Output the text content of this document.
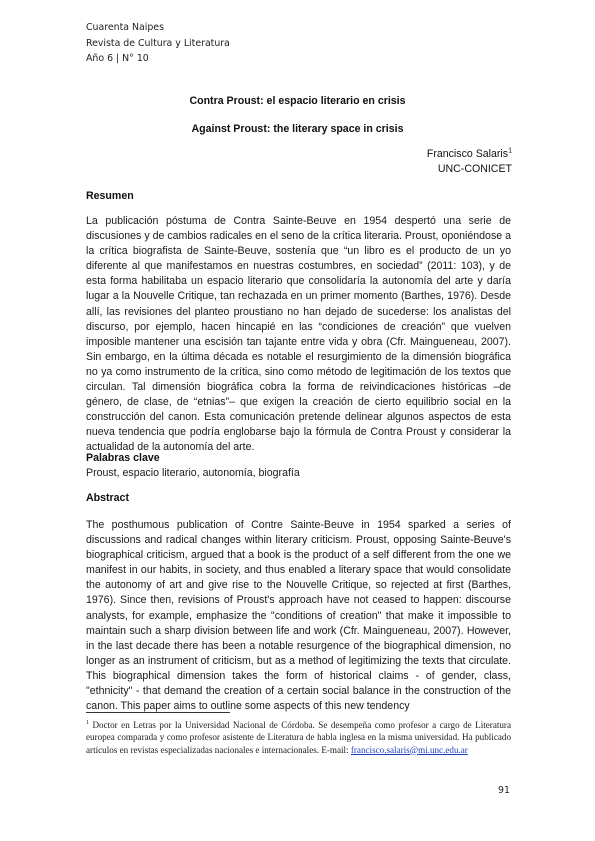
Cuarenta Naipes
Revista de Cultura y Literatura
Año 6 | N° 10
Contra Proust: el espacio literario en crisis
Against Proust: the literary space in crisis
Francisco Salaris$^1$
UNC-CONICET
Resumen
La publicación póstuma de Contra Sainte-Beuve en 1954 despertó una serie de discusiones y de cambios radicales en el seno de la crítica literaria. Proust, oponiéndose a la crítica biografista de Sainte-Beuve, sostenía que “un libro es el producto de un yo diferente al que manifestamos en nuestras costumbres, en sociedad” (2011: 103), y de esta forma habilitaba un espacio literario que consolidaría la autonomía del arte y daría lugar a la Nouvelle Critique, tan rechazada en un primer momento (Barthes, 1976). Desde allí, las revisiones del planteo proustiano no han dejado de sucederse: los analistas del discurso, por ejemplo, hacen hincapié en las “condiciones de creación” que vuelven imposible mantener una escisión tan tajante entre vida y obra (Cfr. Maingueneau, 2007). Sin embargo, en la última década es notable el resurgimiento de la dimensión biográfica no ya como instrumento de la crítica, sino como método de legitimación de los textos que circulan. Tal dimensión biográfica cobra la forma de reivindicaciones históricas –de género, de clase, de “etnias”– que exigen la creación de cierto equilibrio social en la construcción del canon. Esta comunicación pretende delinear algunos aspectos de esta nueva tendencia que podría englobarse bajo la fórmula de Contra Proust y considerar la actualidad de la autonomía del arte.
Palabras clave
Proust, espacio literario, autonomía, biografía
Abstract
The posthumous publication of Contre Sainte-Beuve in 1954 sparked a series of discussions and radical changes within literary criticism. Proust, opposing Sainte-Beuve's biographical criticism, argued that a book is the product of a self different from the one we manifest in our habits, in society, and thus enabled a literary space that would consolidate the autonomy of art and give rise to the Nouvelle Critique, so rejected at first (Barthes, 1976). Since then, revisions of Proust's approach have not ceased to happen: discourse analysts, for example, emphasize the "conditions of creation" that make it impossible to maintain such a sharp division between life and work (Cfr. Maingueneau, 2007). However, in the last decade there has been a notable resurgence of the biographical dimension, no longer as an instrument of criticism, but as a method of legitimizing the texts that circulate. This biographical dimension takes the form of historical claims - of gender, class, "ethnicity" - that demand the creation of a certain social balance in the construction of the canon. This paper aims to outline some aspects of this new tendency
$^1$ Doctor en Letras por la Universidad Nacional de Córdoba. Se desempeña como profesor a cargo de Literatura europea comparada y como profesor asistente de Literatura de habla inglesa en la misma universidad. Ha publicado artículos en revistas especializadas nacionales e internacionales. E-mail: francisco.salaris@mi.unc.edu.ar
91
